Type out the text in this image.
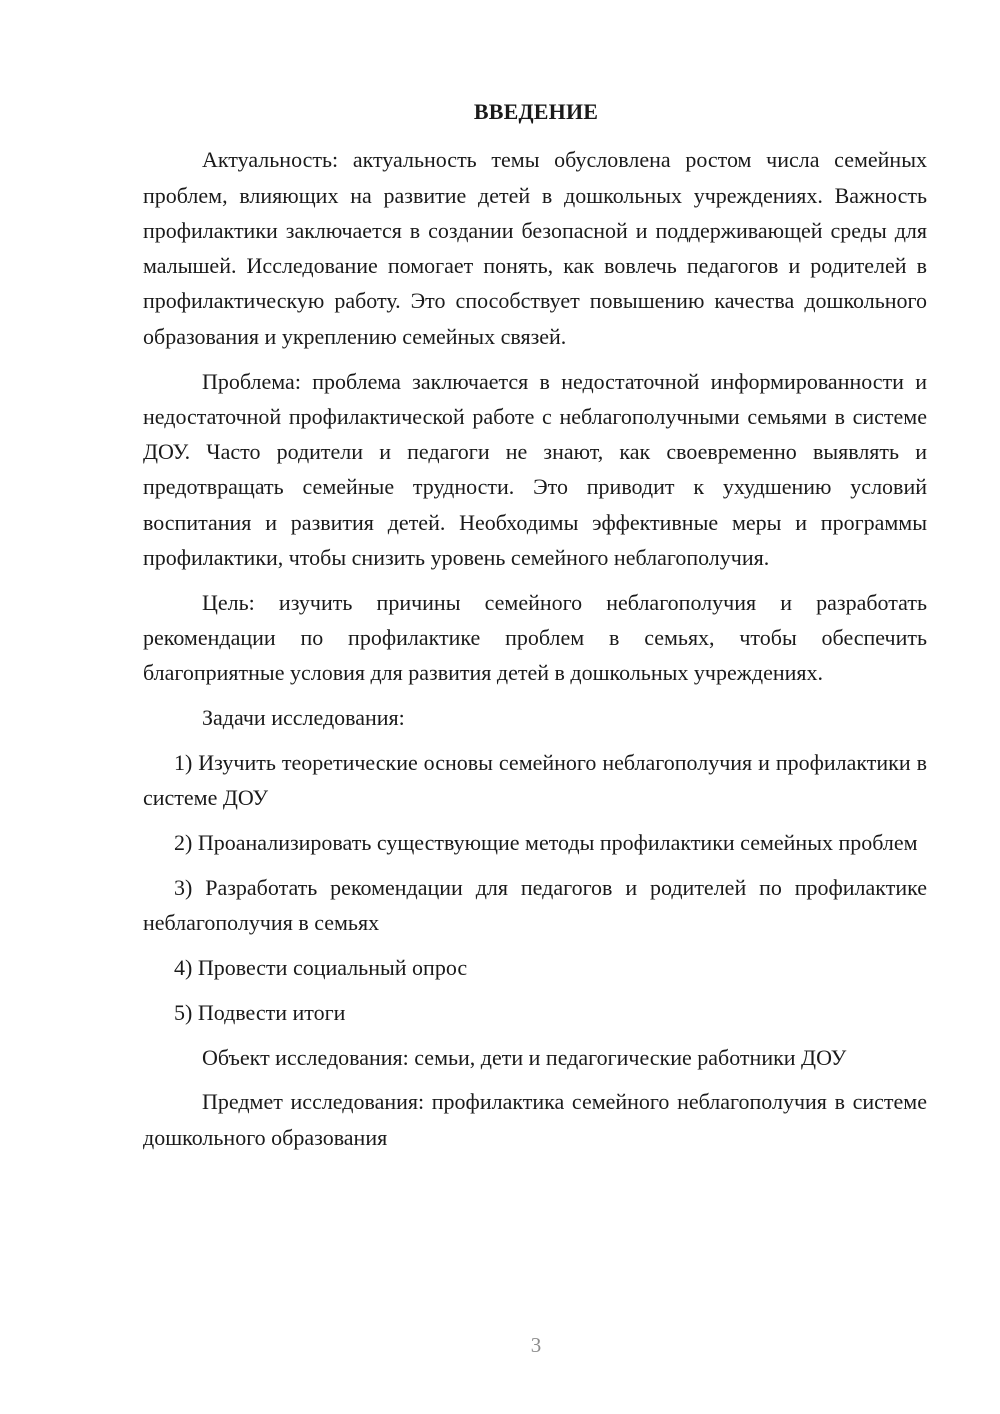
ВВЕДЕНИЕ

Актуальность: актуальность темы обусловлена ростом числа семейных проблем, влияющих на развитие детей в дошкольных учреждениях. Важность профилактики заключается в создании безопасной и поддерживающей среды для малышей. Исследование помогает понять, как вовлечь педагогов и родителей в профилактическую работу. Это способствует повышению качества дошкольного образования и укреплению семейных связей.

Проблема: проблема заключается в недостаточной информированности и недостаточной профилактической работе с неблагополучными семьями в системе ДОУ. Часто родители и педагоги не знают, как своевременно выявлять и предотвращать семейные трудности. Это приводит к ухудшению условий воспитания и развития детей. Необходимы эффективные меры и программы профилактики, чтобы снизить уровень семейного неблагополучия.

Цель: изучить причины семейного неблагополучия и разработать рекомендации по профилактике проблем в семьях, чтобы обеспечить благоприятные условия для развития детей в дошкольных учреждениях.

Задачи исследования:

1) Изучить теоретические основы семейного неблагополучия и профилактики в системе ДОУ

2) Проанализировать существующие методы профилактики семейных проблем

3) Разработать рекомендации для педагогов и родителей по профилактике неблагополучия в семьях

4) Провести социальный опрос

5) Подвести итоги

Объект исследования: семьи, дети и педагогические работники ДОУ

Предмет исследования: профилактика семейного неблагополучия в системе дошкольного образования

3
